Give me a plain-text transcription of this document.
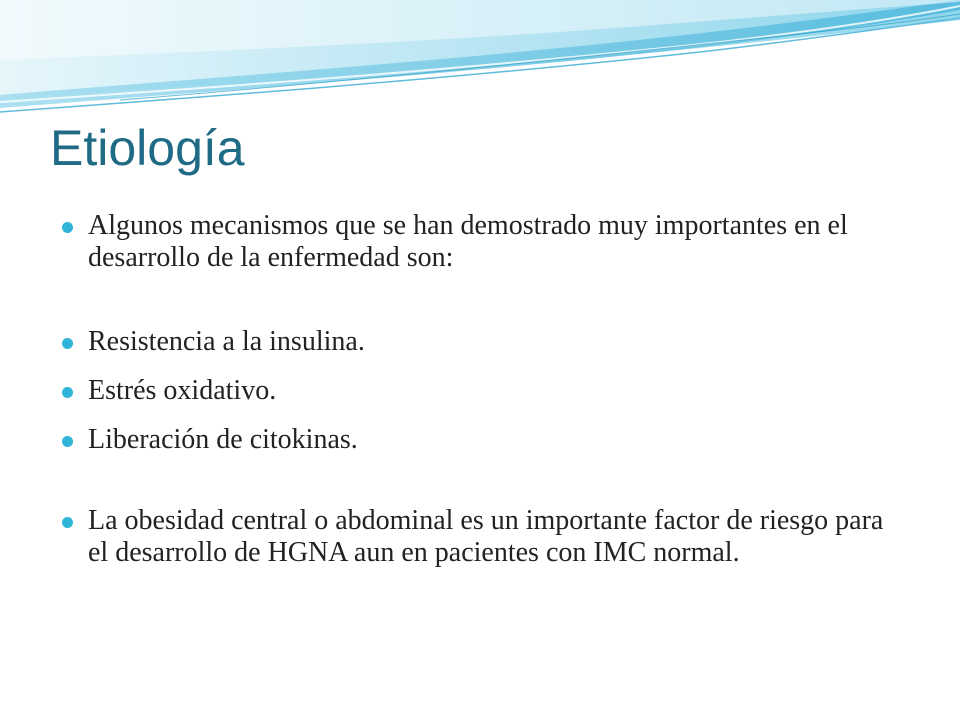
Etiología
Algunos mecanismos que se han demostrado muy importantes en el desarrollo de la enfermedad son:
Resistencia a la insulina.
Estrés oxidativo.
Liberación de citokinas.
La obesidad central o abdominal es un importante factor de riesgo para el desarrollo de HGNA aun en pacientes con IMC normal.
